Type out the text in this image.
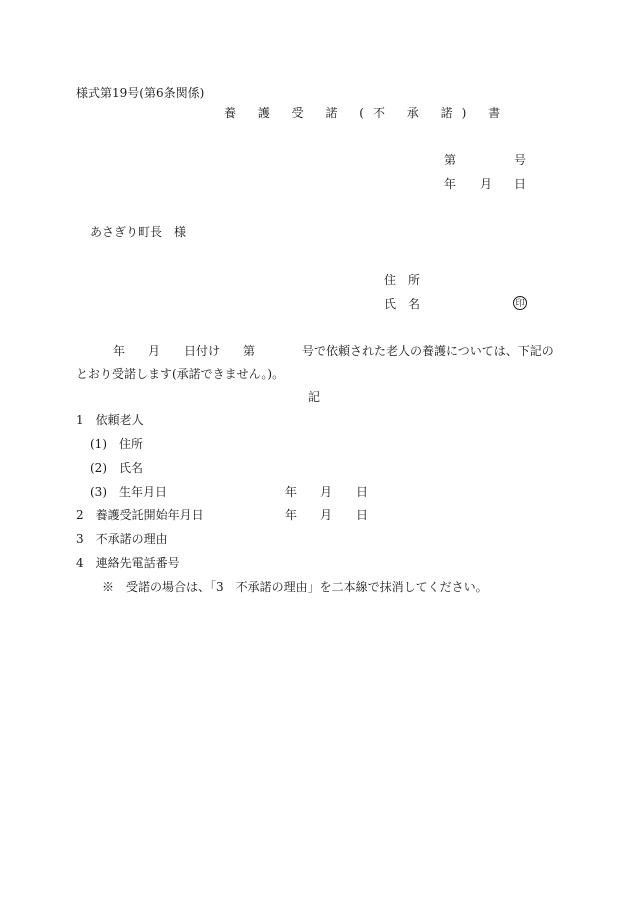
様式第19号(第6条関係)
養 護 受 諾 (不 承 諾) 書
第	号
年 月 日
あさぎり町長　様
住　所
氏　名	印
年 月 日付け 第	号で依頼された老人の養護については、下記の
とおり受諾します(承諾できません。)。
記
1　依頼老人
(1)　住所
(2)　氏名
(3)　生年月日	年 月 日
2　養護受託開始年月日	年 月 日
3　不承諾の理由
4　連絡先電話番号
※　受諾の場合は、「3　不承諾の理由」を二本線で抹消してください。
